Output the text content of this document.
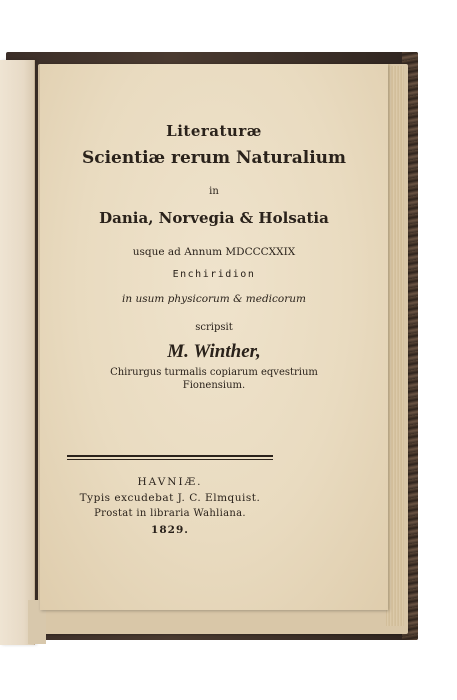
Literaturæ
Scientiæ rerum Naturalium
in
Dania, Norvegia & Holsatia
usque ad Annum MDCCCXXIX
Enchiridion
in usum physicorum & medicorum
scripsit
M. Winther,
Chirurgus turmalis copiarum eqvestrium
Fionensium.
HAVNIÆ.
Typis excudebat J. C. Elmquist.
Prostat in libraria Wahliana.
1829.
